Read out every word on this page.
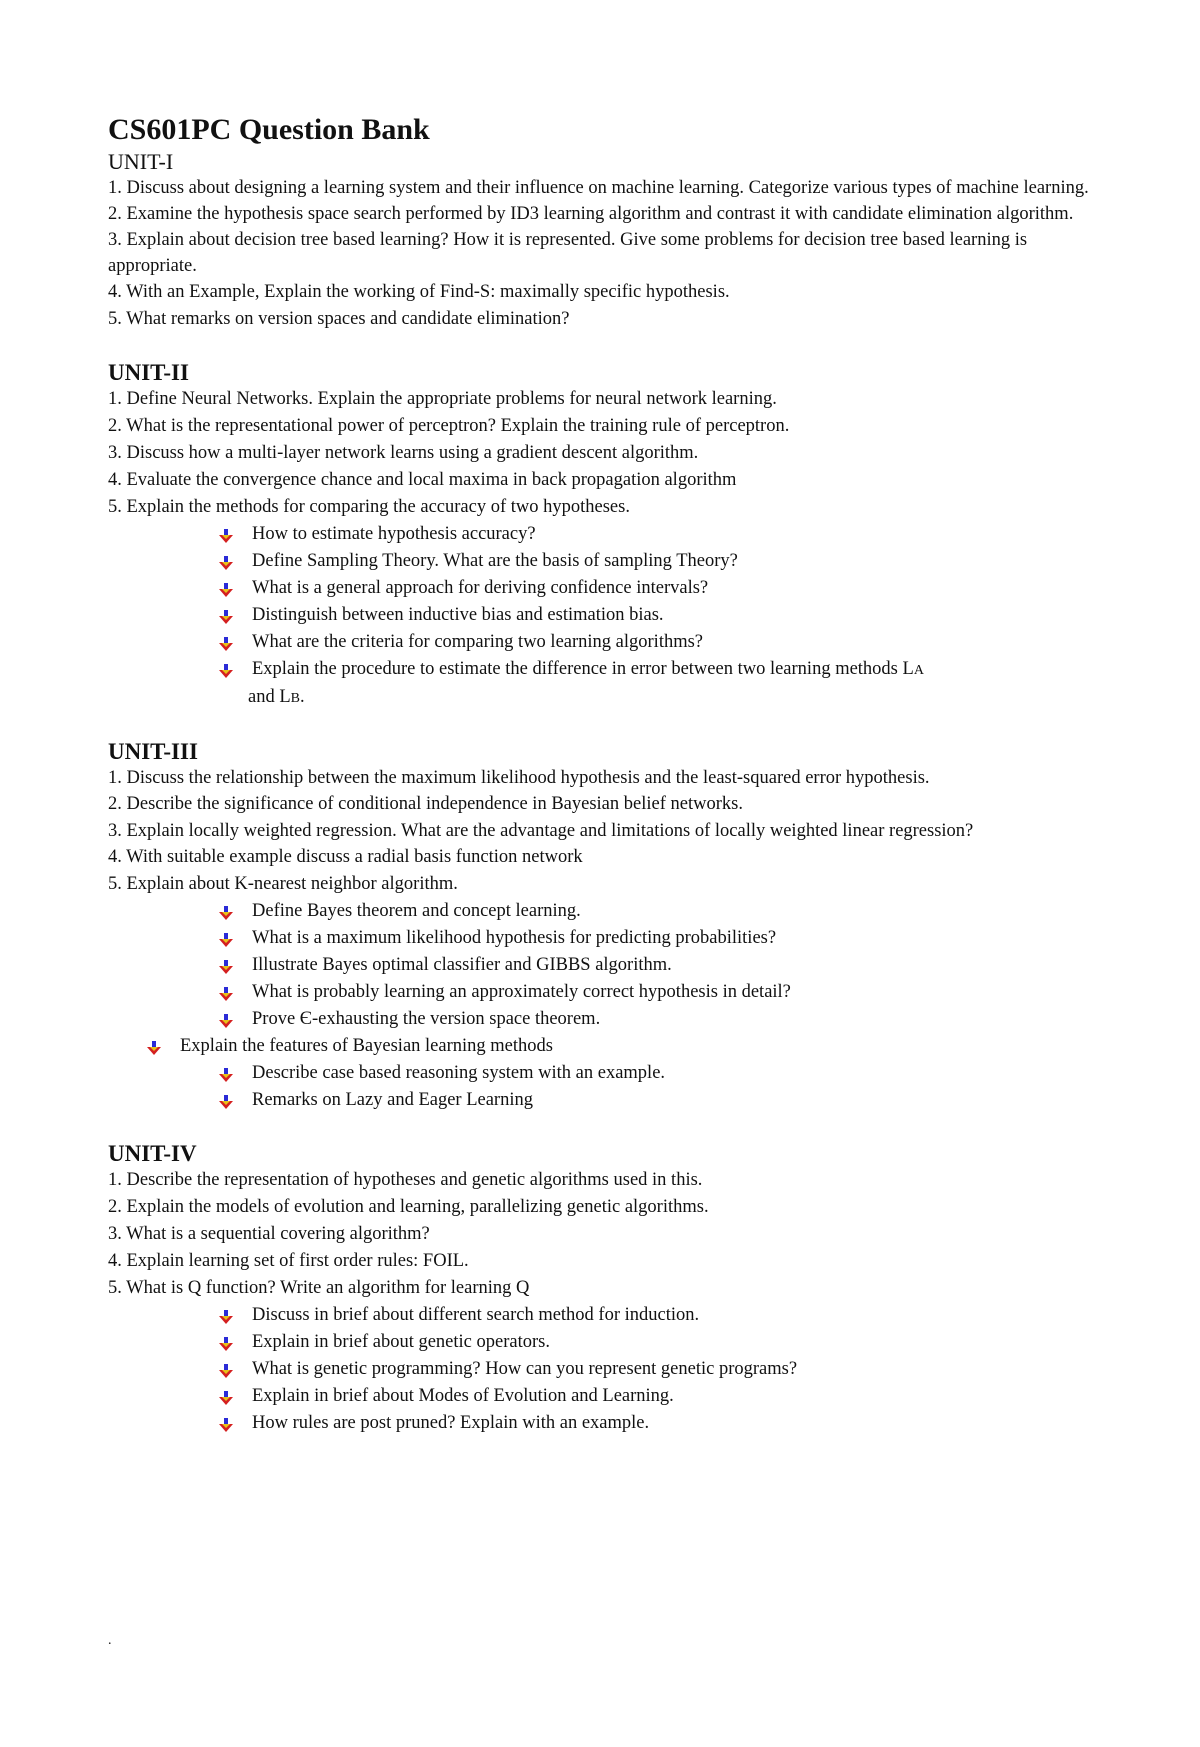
CS601PC Question Bank
UNIT-I

1. Discuss about designing a learning system and their influence on machine learning. Categorize various types of machine learning.

2. Examine the hypothesis space search performed by ID3 learning algorithm and contrast it with candidate elimination algorithm.

3. Explain about decision tree based learning? How it is represented. Give some problems for decision tree based learning is appropriate.

4. With an Example, Explain the working of Find-S: maximally specific hypothesis.

5. What remarks on version spaces and candidate elimination?

UNIT-II

1. Define Neural Networks. Explain the appropriate problems for neural network learning.

2. What is the representational power of perceptron? Explain the training rule of perceptron.

3. Discuss how a multi-layer network learns using a gradient descent algorithm.

4. Evaluate the convergence chance and local maxima in back propagation algorithm

5. Explain the methods for comparing the accuracy of two hypotheses.

How to estimate hypothesis accuracy?
Define Sampling Theory. What are the basis of sampling Theory?
What is a general approach for deriving confidence intervals?
Distinguish between inductive bias and estimation bias.
What are the criteria for comparing two learning algorithms?
Explain the procedure to estimate the difference in error between two learning methods LA
and LB.
UNIT-III

1. Discuss the relationship between the maximum likelihood hypothesis and the least-squared error hypothesis.

2. Describe the significance of conditional independence in Bayesian belief networks.

3. Explain locally weighted regression. What are the advantage and limitations of locally weighted linear regression?

4. With suitable example discuss a radial basis function network

5. Explain about K-nearest neighbor algorithm.

Define Bayes theorem and concept learning.
What is a maximum likelihood hypothesis for predicting probabilities?
Illustrate Bayes optimal classifier and GIBBS algorithm.
What is probably learning an approximately correct hypothesis in detail?
Prove Є-exhausting the version space theorem.
Explain the features of Bayesian learning methods
Describe case based reasoning system with an example.
Remarks on Lazy and Eager Learning
UNIT-IV

1. Describe the representation of hypotheses and genetic algorithms used in this.

2. Explain the models of evolution and learning, parallelizing genetic algorithms.

3. What is a sequential covering algorithm?

4. Explain learning set of first order rules: FOIL.

5. What is Q function? Write an algorithm for learning Q

Discuss in brief about different search method for induction.
Explain in brief about genetic operators.
What is genetic programming? How can you represent genetic programs?
Explain in brief about Modes of Evolution and Learning.
How rules are post pruned? Explain with an example.
.
